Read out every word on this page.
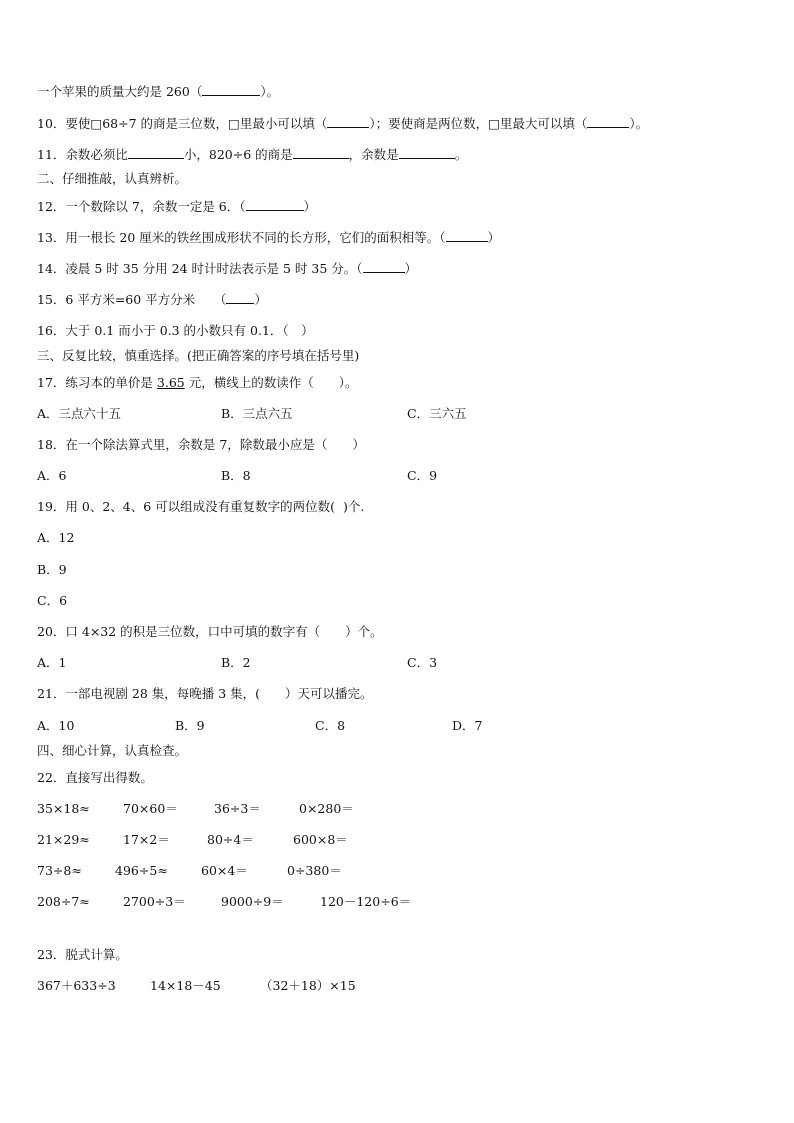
一个苹果的质量大约是 260（	）。
10．要使□68÷7 的商是三位数，□里最小可以填（	）；要使商是两位数，□里最大可以填（	）。
11．余数必须比	小，820÷6 的商是	，余数是	。
二、仔细推敲，认真辨析。
12．一个数除以 7，余数一定是 6．（	）
13．用一根长 20 厘米的铁丝围成形状不同的长方形，它们的面积相等。（	）
14．凌晨 5 时 35 分用 24 时计时法表示是 5 时 35 分。（	）
15．6 平方米=60 平方分米　　（ ）
16．大于 0.1 而小于 0.3 的小数只有 0.1．（　）
三、反复比较，慎重选择。(把正确答案的序号填在括号里)
17．练习本的单价是 3.65 元，横线上的数读作（　　）。
A．三点六十五	B．三点六五	C．三六五
18．在一个除法算式里，余数是 7，除数最小应是（　　）
A．6	B．8	C．9
19．用 0、2、4、6 可以组成没有重复数字的两位数(  )个.
A．12
B．9
C．6
20．口 4×32 的积是三位数，口中可填的数字有（　　）个。
A．1	B．2	C．3
21．一部电视剧 28 集，每晚播 3 集，(　　）天可以播完。
A．10	B．9	C．8	D．7
四、细心计算，认真检查。
22．直接写出得数。
35×18≈	70×60＝	36÷3＝	0×280＝
21×29≈	17×2＝	80÷4＝	600×8＝
73÷8≈	496÷5≈	60×4＝	0÷380＝
208÷7≈	2700÷3＝	9000÷9＝	120－120÷6＝
23．脱式计算。
367＋633÷3	14×18－45	（32＋18）×15
